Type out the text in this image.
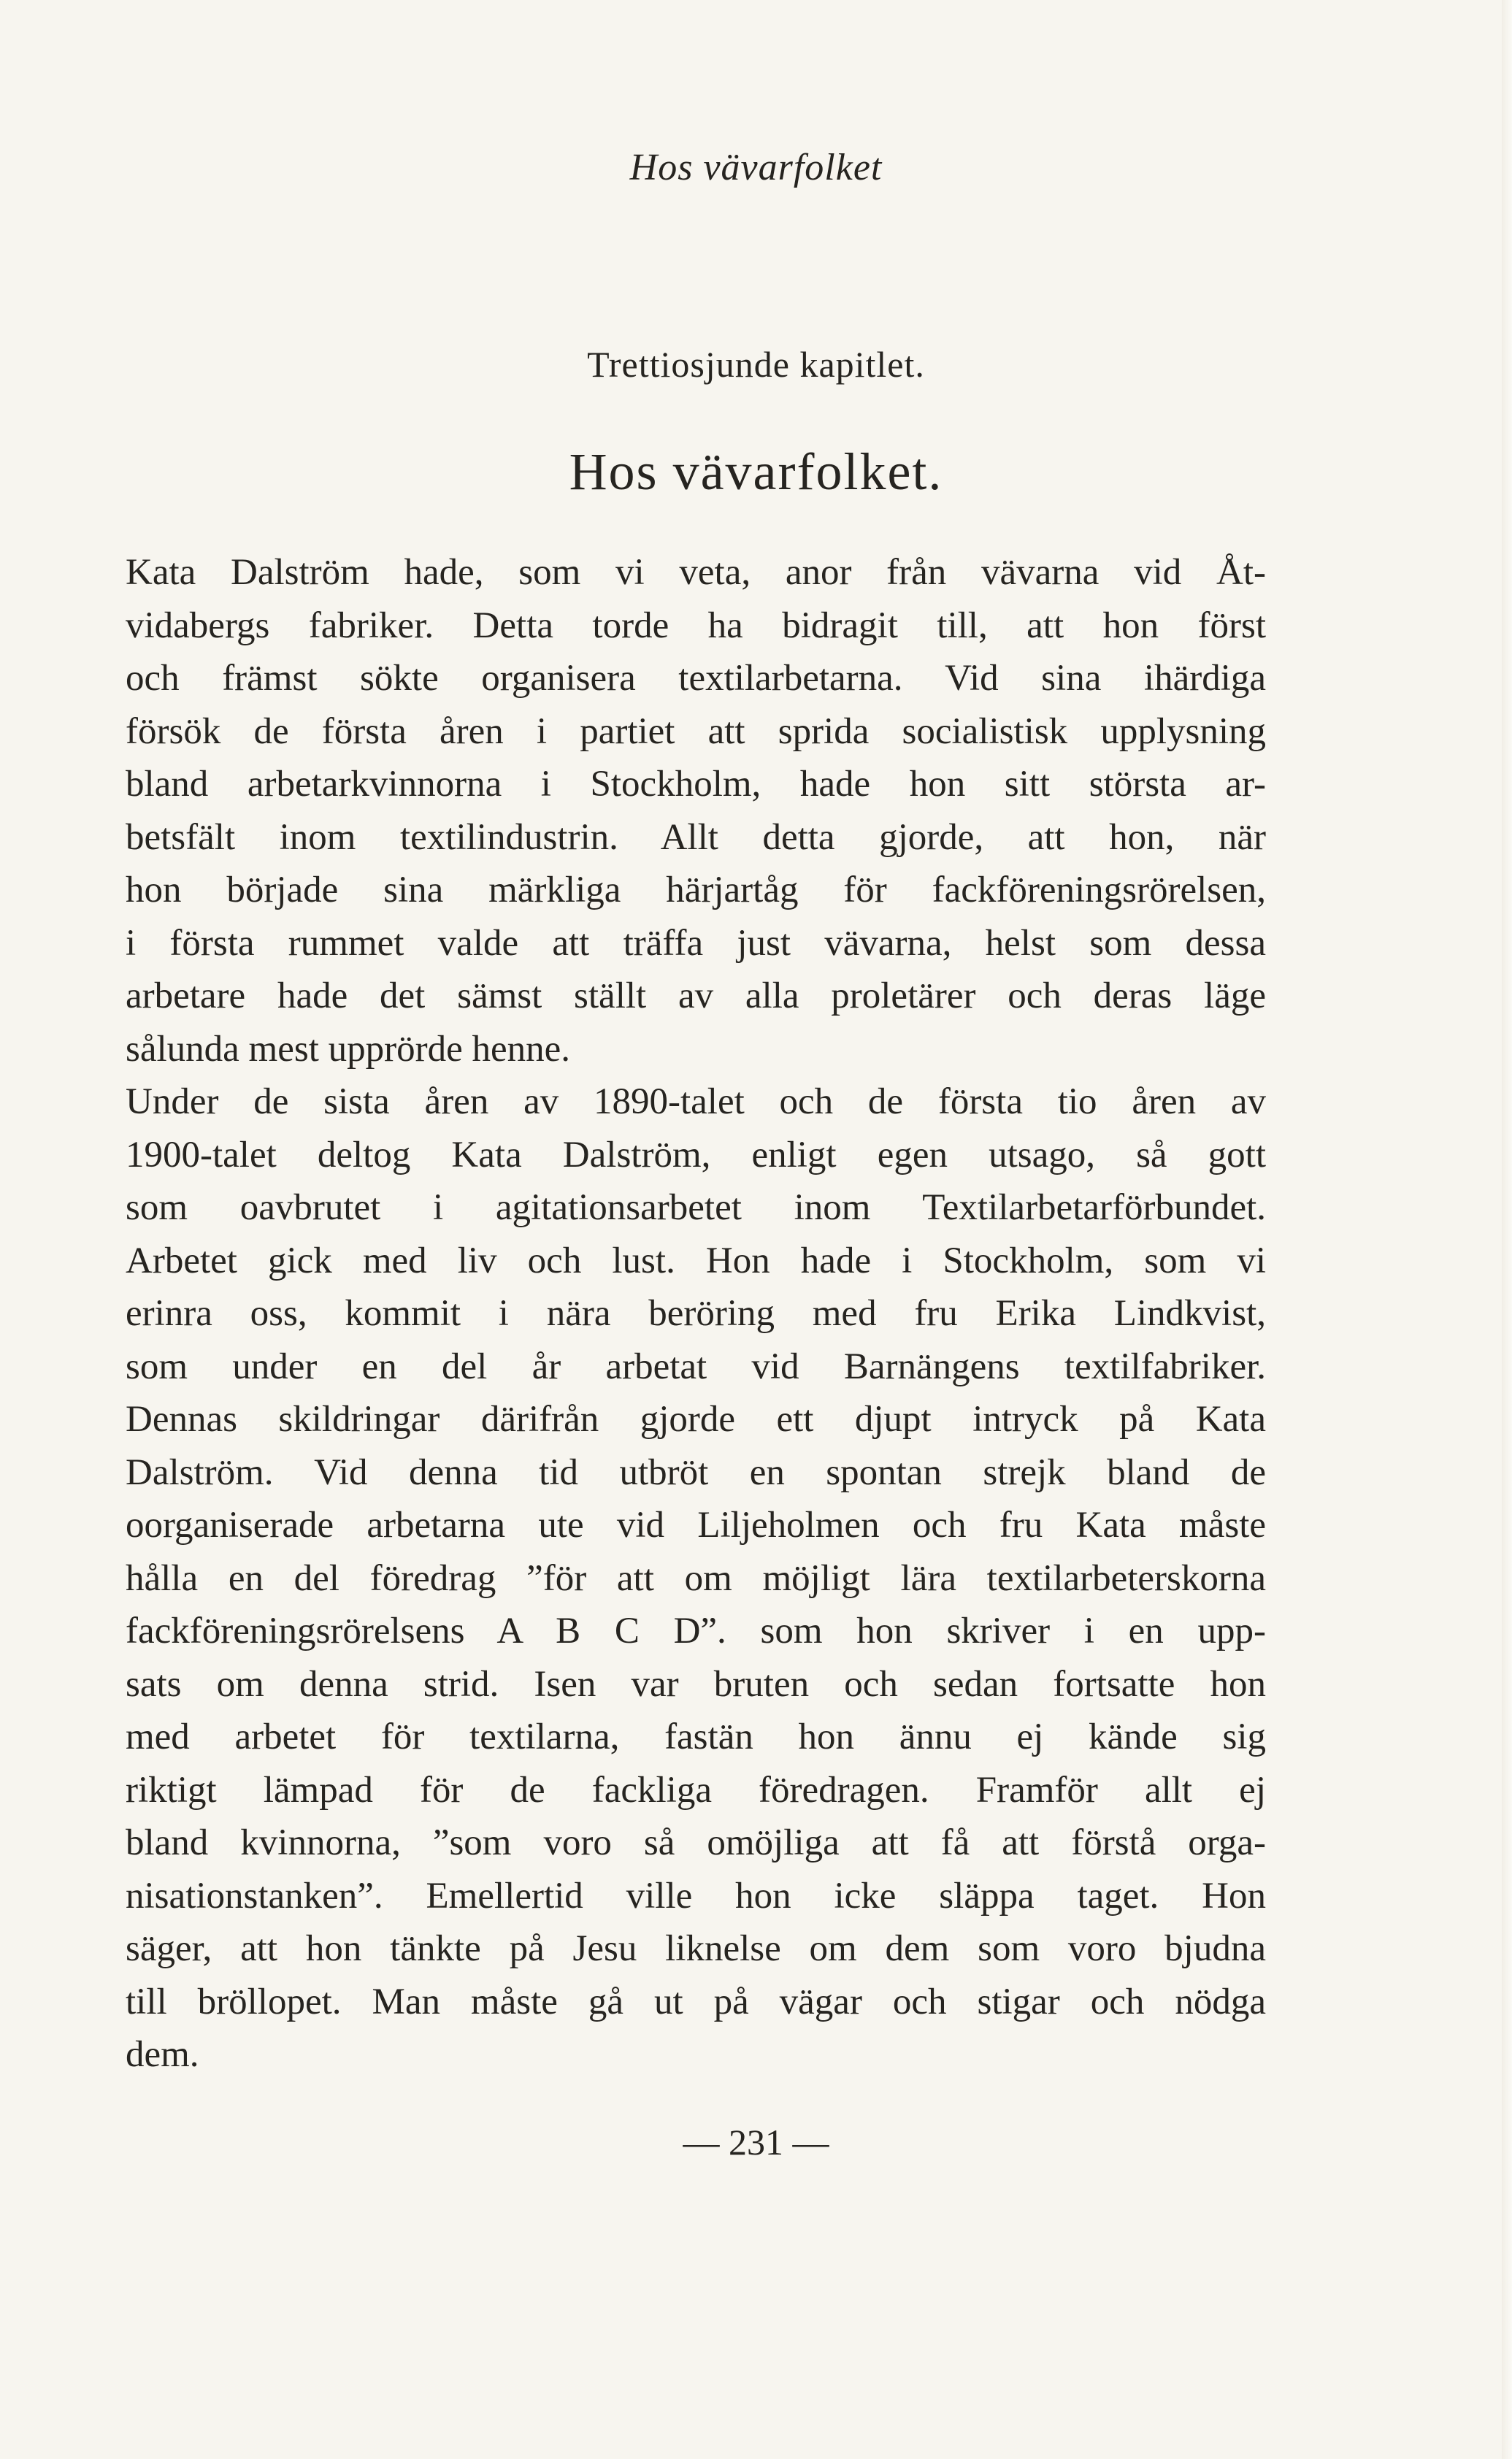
Hos vävarfolket
Trettiosjunde kapitlet.
Hos vävarfolket.
Kata Dalström hade, som vi veta, anor från vävarna vid Åt-
vidabergs fabriker. Detta torde ha bidragit till, att hon först
och främst sökte organisera textilarbetarna. Vid sina ihärdiga
försök de första åren i partiet att sprida socialistisk upplysning
bland arbetarkvinnorna i Stockholm, hade hon sitt största ar-
betsfält inom textilindustrin. Allt detta gjorde, att hon, när
hon började sina märkliga härjartåg för fackföreningsrörelsen,
i första rummet valde att träffa just vävarna, helst som dessa
arbetare hade det sämst ställt av alla proletärer och deras läge
sålunda mest upprörde henne.
Under de sista åren av 1890-talet och de första tio åren av
1900-talet deltog Kata Dalström, enligt egen utsago, så gott
som oavbrutet i agitationsarbetet inom Textilarbetarförbundet.
Arbetet gick med liv och lust. Hon hade i Stockholm, som vi
erinra oss, kommit i nära beröring med fru Erika Lindkvist,
som under en del år arbetat vid Barnängens textilfabriker.
Dennas skildringar därifrån gjorde ett djupt intryck på Kata
Dalström. Vid denna tid utbröt en spontan strejk bland de
oorganiserade arbetarna ute vid Liljeholmen och fru Kata måste
hålla en del föredrag ”för att om möjligt lära textilarbeterskorna
fackföreningsrörelsens A B C D”. som hon skriver i en upp-
sats om denna strid. Isen var bruten och sedan fortsatte hon
med arbetet för textilarna, fastän hon ännu ej kände sig
riktigt lämpad för de fackliga föredragen. Framför allt ej
bland kvinnorna, ”som voro så omöjliga att få att förstå orga-
nisationstanken”. Emellertid ville hon icke släppa taget. Hon
säger, att hon tänkte på Jesu liknelse om dem som voro bjudna
till bröllopet. Man måste gå ut på vägar och stigar och nödga
dem.
— 231 —
